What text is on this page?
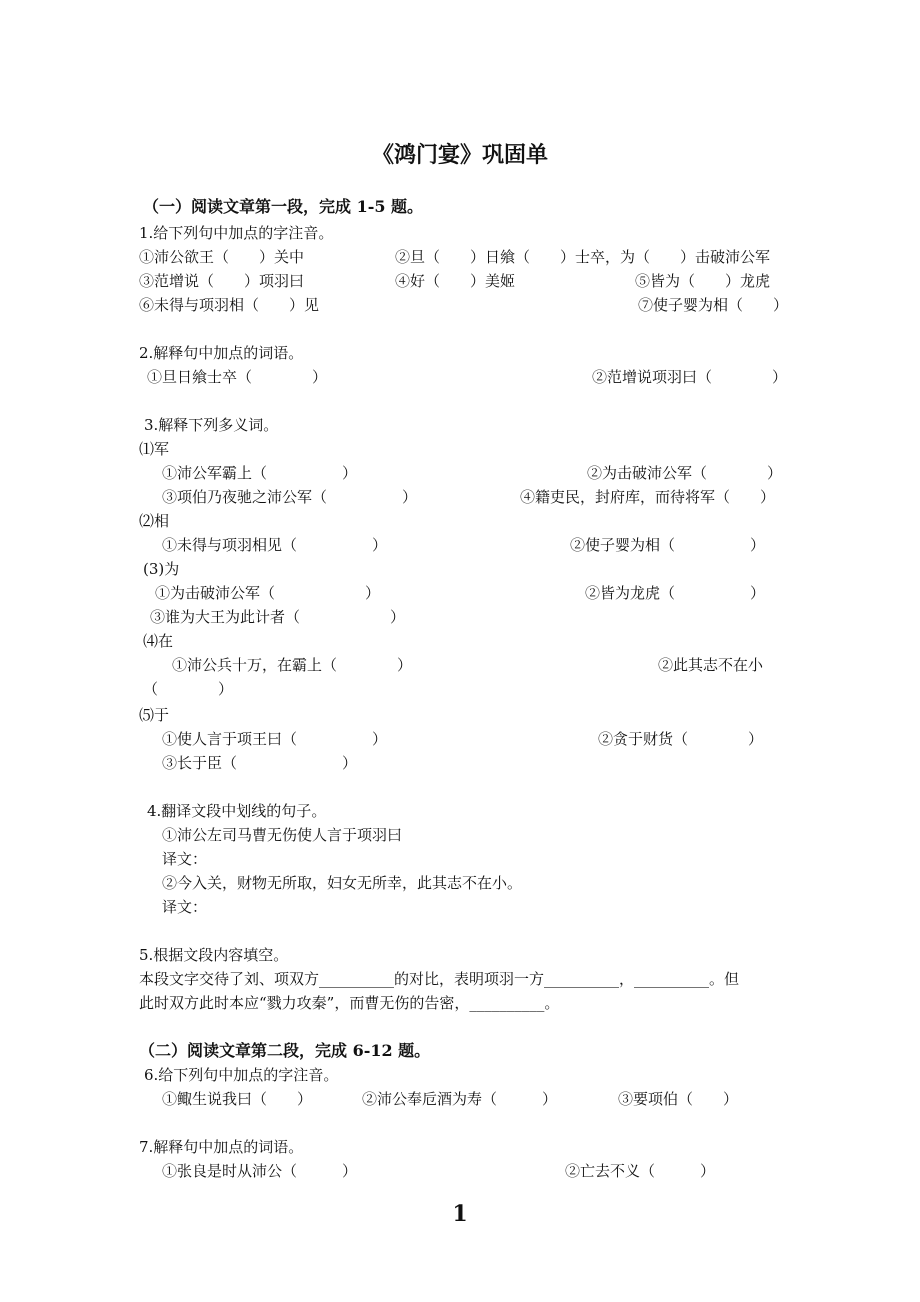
《鸿门宴》巩固单
（一）阅读文章第一段，完成 1-5 题。
1.给下列句中加点的字注音。
①沛公欲王（　　）关中	②旦（　　）日飨（　　）士卒，为（　　）击破沛公军
③范增说（　　）项羽曰	④好（　　）美姬	⑤皆为（　　）龙虎
⑥未得与项羽相（　　）见	⑦使子婴为相（　　）
2.解释句中加点的词语。
①旦日飨士卒（　　　　）	②范增说项羽曰（　　　　）
3.解释下列多义词。
⑴军
①沛公军霸上（　　　　　）	②为击破沛公军（　　　　）
③项伯乃夜驰之沛公军（　　　　　）	④籍吏民，封府库，而待将军（　　）
⑵相
①未得与项羽相见（　　　　　）	②使子婴为相（　　　　　）
(3)为
①为击破沛公军（　　　　　　）	②皆为龙虎（　　　　　）
③谁为大王为此计者（　　　　　　）
⑷在
①沛公兵十万，在霸上（　　　　）	②此其志不在小
（　　　　）
⑸于
①使人言于项王曰（　　　　　）	②贪于财货（　　　　）
③长于臣（　　　　　　　）
4.翻译文段中划线的句子。
①沛公左司马曹无伤使人言于项羽曰
译文：
②今入关，财物无所取，妇女无所幸，此其志不在小。
译文：
5.根据文段内容填空。
本段文字交待了刘、项双方__________的对比，表明项羽一方__________，__________。但
此时双方此时本应“戮力攻秦”，而曹无伤的告密，__________。
（二）阅读文章第二段，完成 6-12 题。
6.给下列句中加点的字注音。
①鲰生说我曰（　　）	②沛公奉卮酒为寿（　　　）	③要项伯（　　）
7.解释句中加点的词语。
①张良是时从沛公（　　　）	②亡去不义（　　　）
1
